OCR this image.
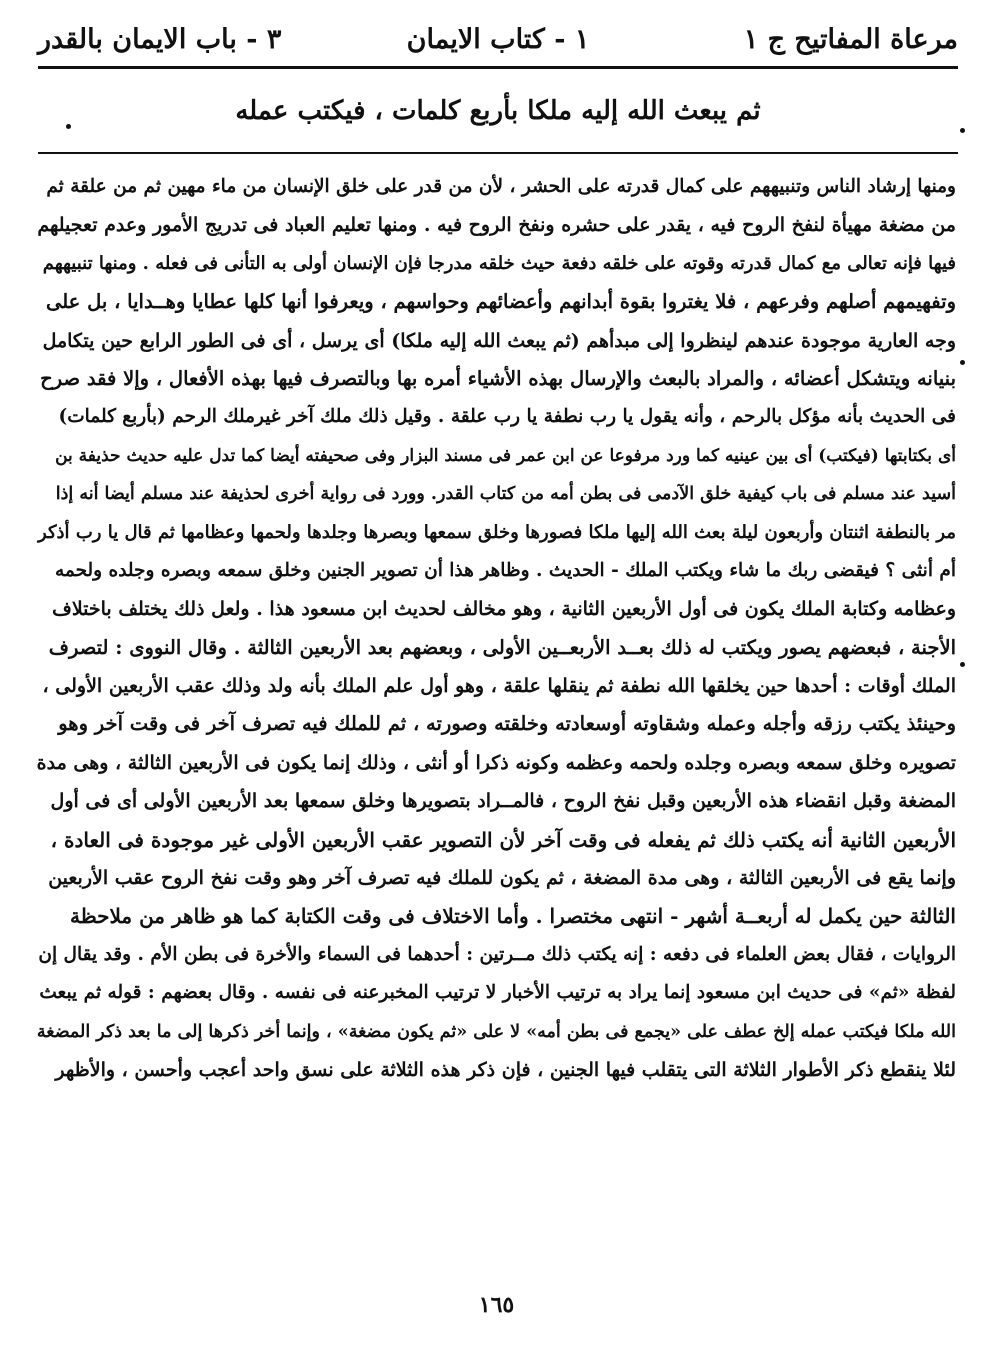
مرعاة المفاتيح ج ١
١ - كتاب الايمان
٣ - باب الايمان بالقدر
ثم يبعث الله إليه ملكا بأربع كلمات ، فيكتب عمله
ومنها إرشاد الناس وتنبيههم على كمال قدرته على الحشر ، لأن من قدر على خلق الإنسان من ماء مهين ثم من علقة ثم
من مضغة مهيأة لنفخ الروح فيه ، يقدر على حشره ونفخ الروح فيه . ومنها تعليم العباد فى تدريج الأمور وعدم تعجيلهم
فيها فإنه تعالى مع كمال قدرته وقوته على خلقه دفعة حيث خلقه مدرجا فإن الإنسان أولى به التأنى فى فعله . ومنها تنبيههم
وتفهيمهم أصلهم وفرعهم ، فلا يغتروا بقوة أبدانهم وأعضائهم وحواسهم ، ويعرفوا أنها كلها عطايا وهــدايا ، بل على
وجه العارية موجودة عندهم لينظروا إلى مبدأهم (ثم يبعث الله إليه ملكا) أى يرسل ، أى فى الطور الرابع حين يتكامل
بنيانه ويتشكل أعضائه ، والمراد بالبعث والإرسال بهذه الأشياء أمره بها وبالتصرف فيها بهذه الأفعال ، وإلا فقد صرح
فى الحديث بأنه مؤكل بالرحم ، وأنه يقول يا رب نطفة يا رب علقة . وقيل ذلك ملك آخر غيرملك الرحم (بأربع كلمات)
أى بكتابتها (فيكتب) أى بين عينيه كما ورد مرفوعا عن ابن عمر فى مسند البزار وفى صحيفته أيضا كما تدل عليه حديث حذيفة بن
أسيد عند مسلم فى باب كيفية خلق الآدمى فى بطن أمه من كتاب القدر. وورد فى رواية أخرى لحذيفة عند مسلم أيضا أنه إذا
مر بالنطفة اثنتان وأربعون ليلة بعث الله إليها ملكا فصورها وخلق سمعها وبصرها وجلدها ولحمها وعظامها ثم قال يا رب أذكر
أم أنثى ؟ فيقضى ربك ما شاء ويكتب الملك - الحديث . وظاهر هذا أن تصوير الجنين وخلق سمعه وبصره وجلده ولحمه
وعظامه وكتابة الملك يكون فى أول الأربعين الثانية ، وهو مخالف لحديث ابن مسعود هذا . ولعل ذلك يختلف باختلاف
الأجنة ، فبعضهم يصور ويكتب له ذلك بعــد الأربعــين الأولى ، وبعضهم بعد الأربعين الثالثة . وقال النووى : لتصرف
الملك أوقات : أحدها حين يخلقها الله نطفة ثم ينقلها علقة ، وهو أول علم الملك بأنه ولد وذلك عقب الأربعين الأولى ،
وحينئذ يكتب رزقه وأجله وعمله وشقاوته أوسعادته وخلقته وصورته ، ثم للملك فيه تصرف آخر فى وقت آخر وهو
تصويره وخلق سمعه وبصره وجلده ولحمه وعظمه وكونه ذكرا أو أنثى ، وذلك إنما يكون فى الأربعين الثالثة ، وهى مدة
المضغة وقبل انقضاء هذه الأربعين وقبل نفخ الروح ، فالمــراد بتصويرها وخلق سمعها بعد الأربعين الأولى أى فى أول
الأربعين الثانية أنه يكتب ذلك ثم يفعله فى وقت آخر لأن التصوير عقب الأربعين الأولى غير موجودة فى العادة ،
وإنما يقع فى الأربعين الثالثة ، وهى مدة المضغة ، ثم يكون للملك فيه تصرف آخر وهو وقت نفخ الروح عقب الأربعين
الثالثة حين يكمل له أربعــة أشهر - انتهى مختصرا . وأما الاختلاف فى وقت الكتابة كما هو ظاهر من ملاحظة
الروايات ، فقال بعض العلماء فى دفعه : إنه يكتب ذلك مــرتين : أحدهما فى السماء والأخرة فى بطن الأم . وقد يقال إن
لفظة «ثم» فى حديث ابن مسعود إنما يراد به ترتيب الأخبار لا ترتيب المخبرعنه فى نفسه . وقال بعضهم : قوله ثم يبعث
الله ملكا فيكتب عمله إلخ عطف على «يجمع فى بطن أمه» لا على «ثم يكون مضغة» ، وإنما أخر ذكرها إلى ما بعد ذكر المضغة
لئلا ينقطع ذكر الأطوار الثلاثة التى يتقلب فيها الجنين ، فإن ذكر هذه الثلاثة على نسق واحد أعجب وأحسن ، والأظهر
١٦٥
